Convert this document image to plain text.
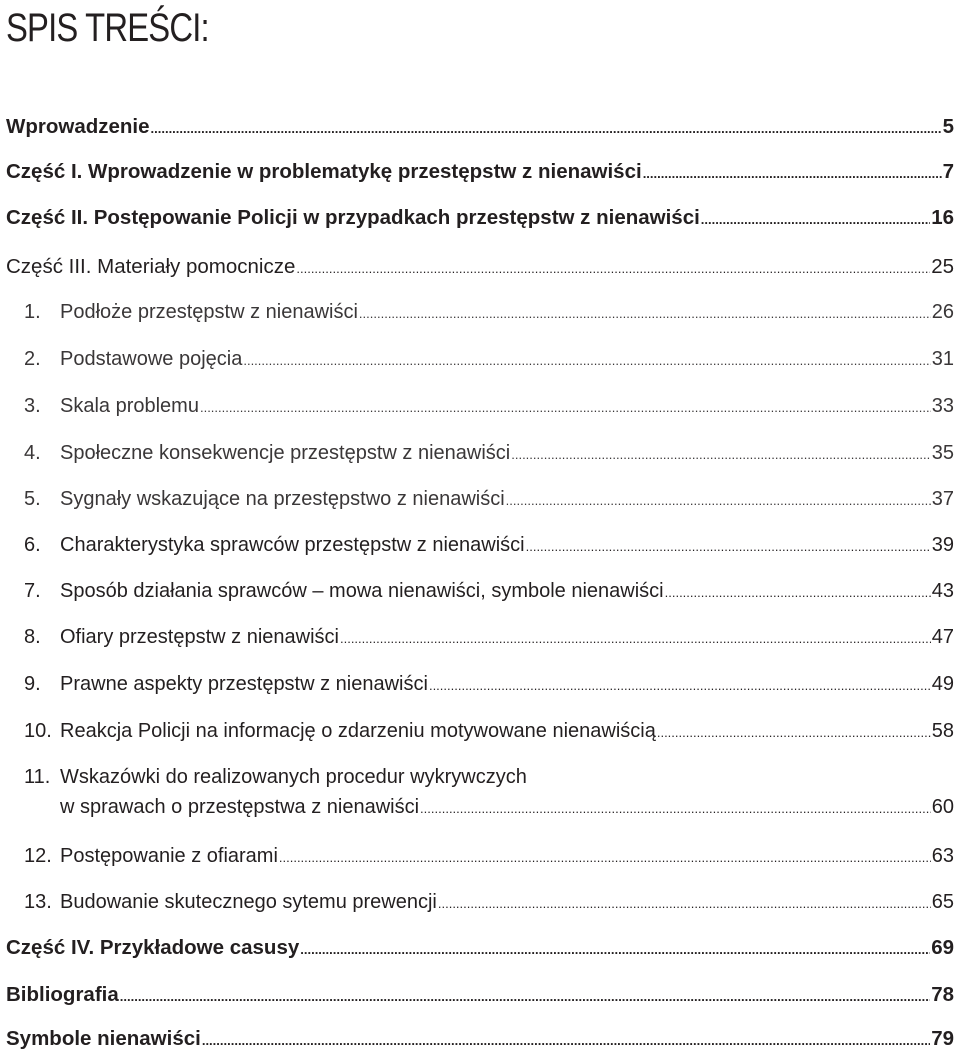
SPIS TREŚCI:
Wprowadzenie .....	5
Część I. Wprowadzenie w problematykę przestępstw z nienawiści .....	7
Część II. Postępowanie Policji w przypadkach przestępstw z nienawiści .....	16
Część III. Materiały pomocnicze .....	25
1. Podłoże przestępstw z nienawiści .....	26
2. Podstawowe pojęcia .....	31
3. Skala problemu .....	33
4. Społeczne konsekwencje przestępstw z nienawiści .....	35
5. Sygnały wskazujące na przestępstwo z nienawiści .....	37
6. Charakterystyka sprawców przestępstw z nienawiści .....	39
7. Sposób działania sprawców – mowa nienawiści, symbole nienawiści .....	43
8. Ofiary przestępstw z nienawiści .....	47
9. Prawne aspekty przestępstw z nienawiści .....	49
10. Reakcja Policji na informację o zdarzeniu motywowane nienawiścią .....	58
11. Wskazówki do realizowanych procedur wykrywczych
w sprawach o przestępstwa z nienawiści .....	60
12. Postępowanie z ofiarami .....	63
13. Budowanie skutecznego sytemu prewencji .....	65
Część IV. Przykładowe casusy .....	69
Bibliografia .....	78
Symbole nienawiści .....	79
